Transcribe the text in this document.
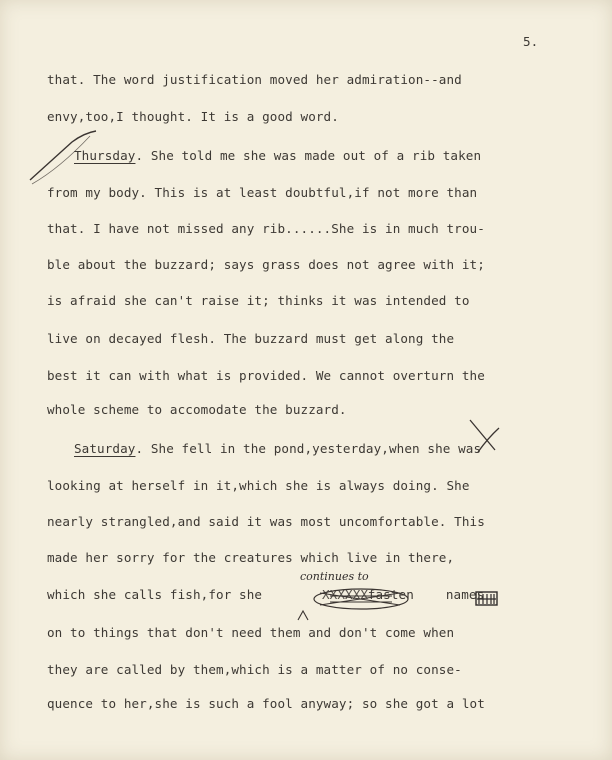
5.
that. The word justification moved her admiration--and
envy,too,I thought. It is a good word.
Thursday. She told me she was made out of a rib taken
from my body. This is at least doubtful,if not more than
that. I have not missed any rib......She is in much trou-
ble about the buzzard; says grass does not agree with it;
is afraid she can't raise it; thinks it was intended to
live on decayed flesh. The buzzard must get along the
best it can with what is provided. We cannot overturn the
whole scheme to accomodate the buzzard.
Saturday. She fell in the pond,yesterday,when she was
looking at herself in it,which she is always doing. She
nearly strangled,and said it was most uncomfortable. This
made her sorry for the creatures which live in there,
which she calls fish,for she	fasten	names
on to things that don't need them and don't come when
they are called by them,which is a matter of no conse-
quence to her,she is such a fool anyway; so she got a lot
continues to
XXXXXX
